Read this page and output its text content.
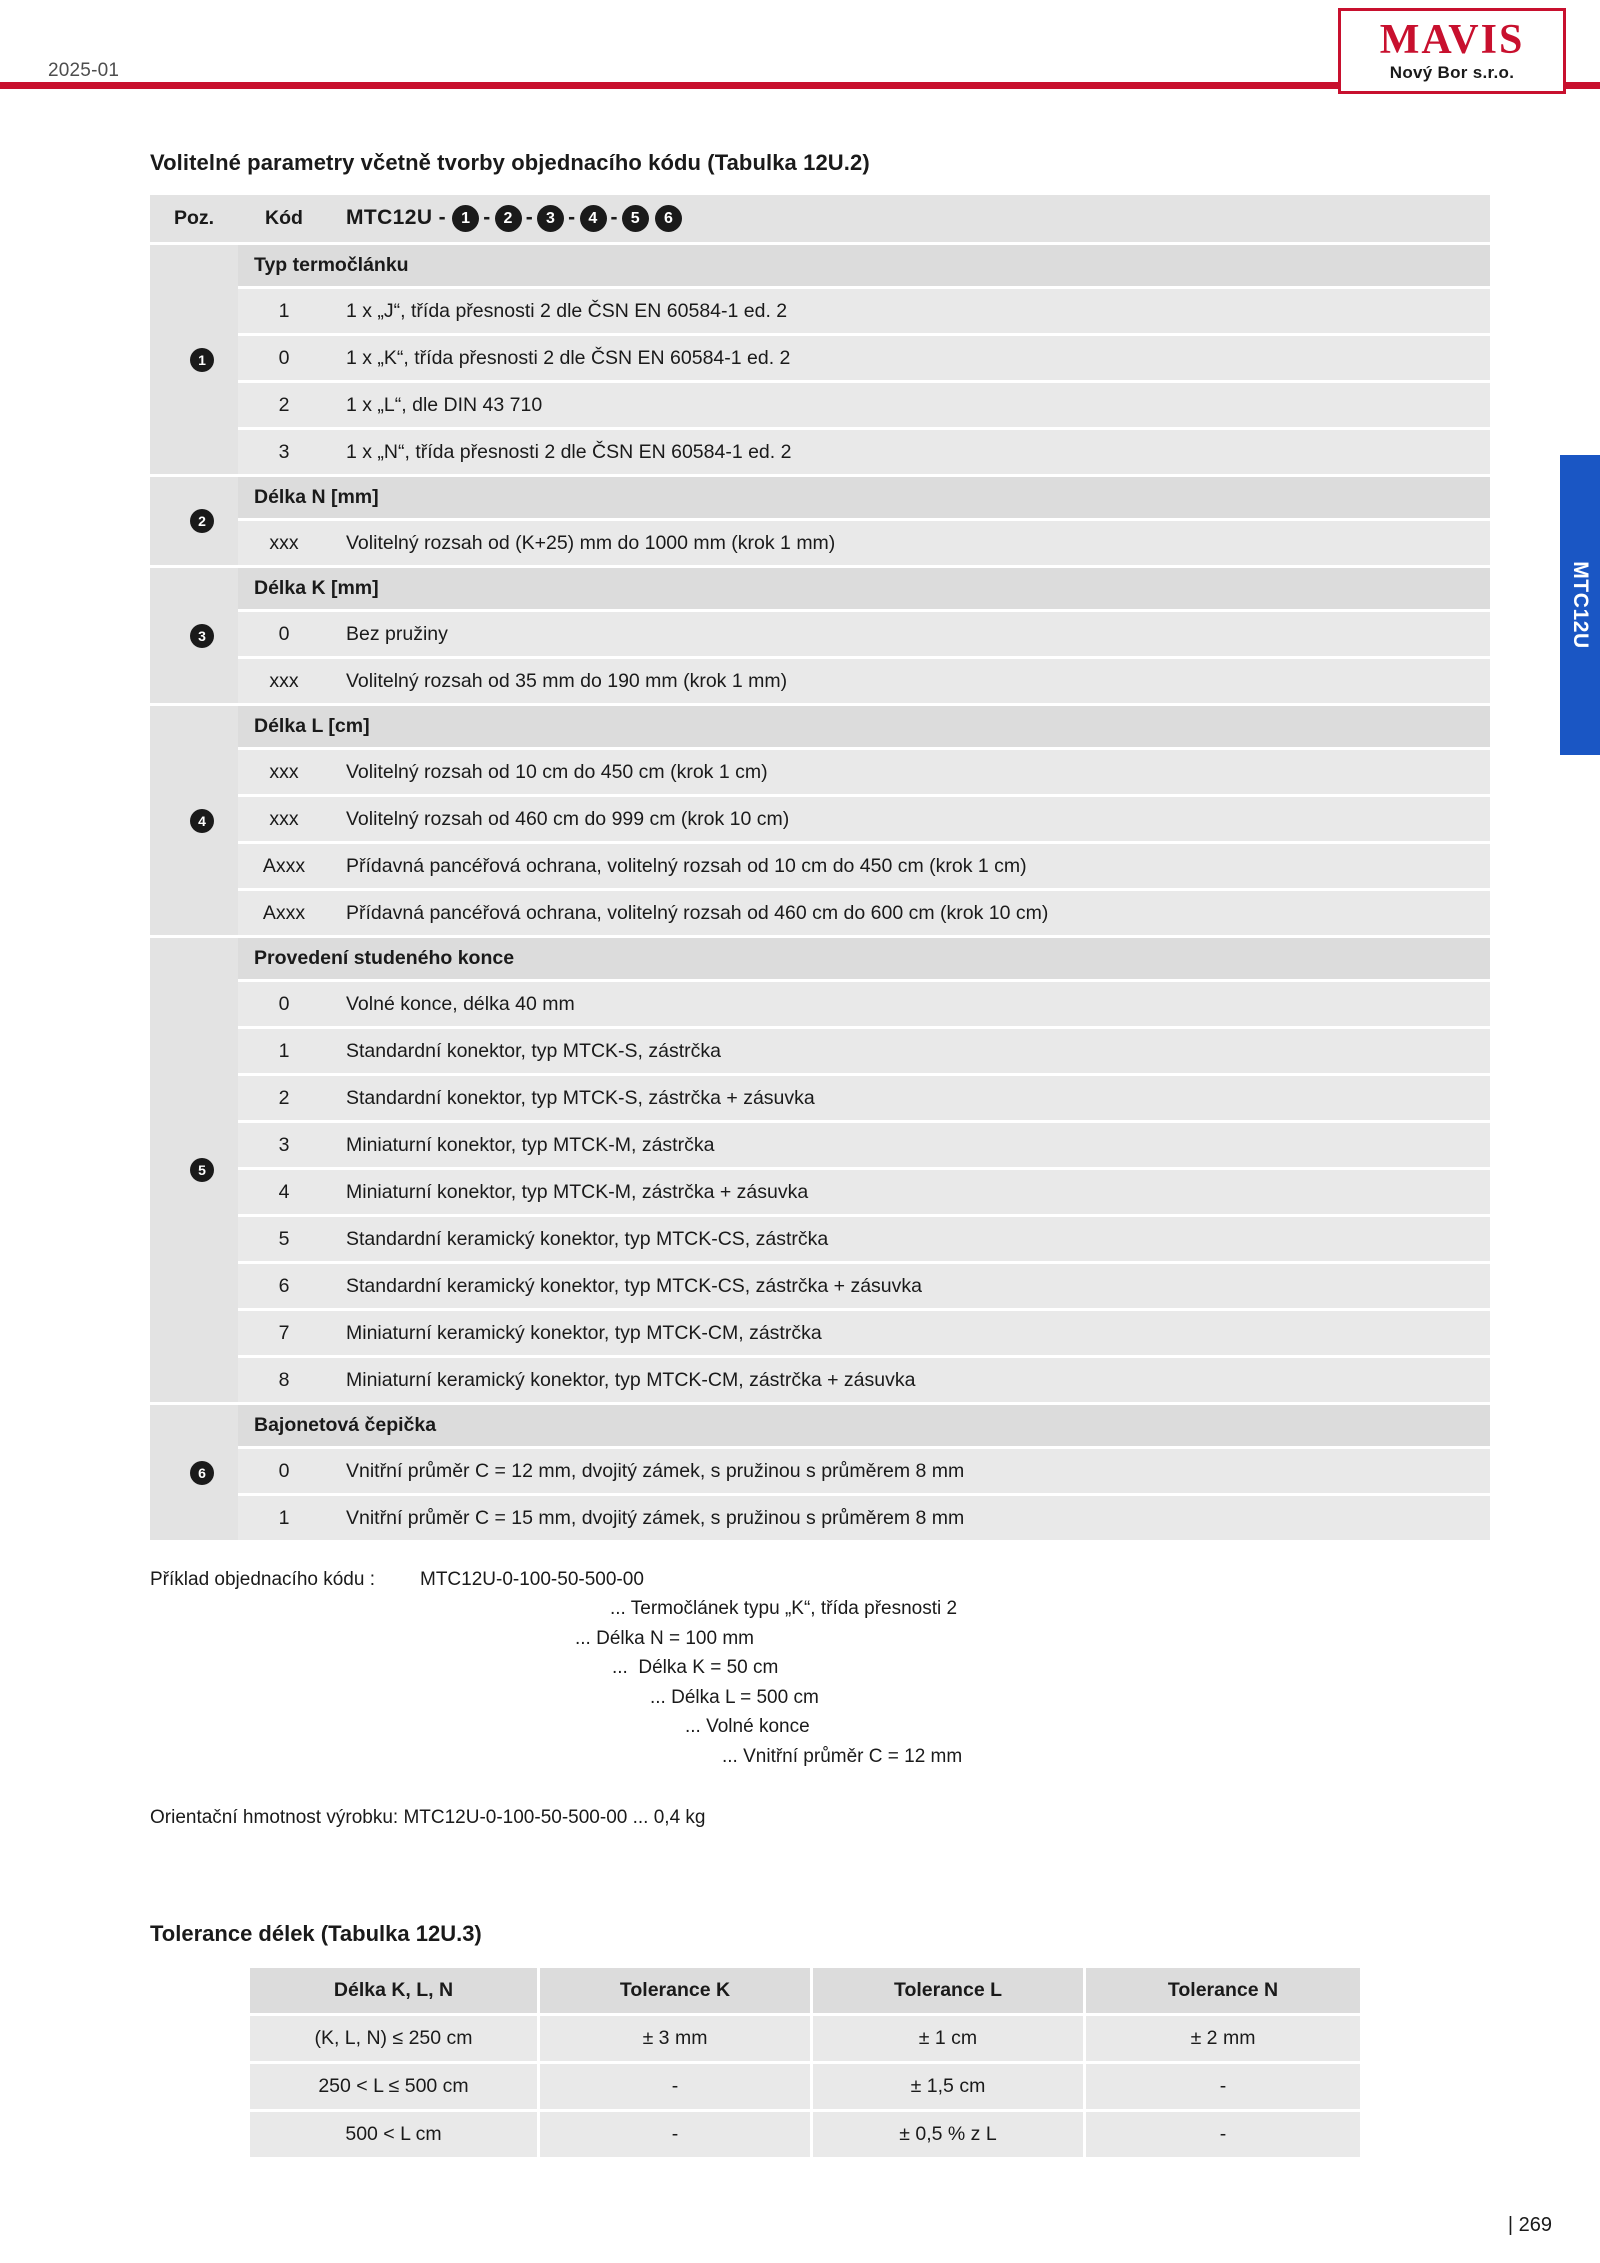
2025-01
MAVIS
Nový Bor s.r.o.
MTC12U
Volitelné parametry včetně tvorby objednacího kódu (Tabulka 12U.2)
Poz.	Kód	MTC12U - 1 - 2 - 3 - 4 - 5 6
1	Typ termočlánku	
	1	1 x „J“, třída přesnosti 2 dle ČSN EN 60584-1 ed. 2
	0	1 x „K“, třída přesnosti 2 dle ČSN EN 60584-1 ed. 2
	2	1 x „L“, dle DIN 43 710
	3	1 x „N“, třída přesnosti 2 dle ČSN EN 60584-1 ed. 2
2	Délka N [mm]	
	xxx	Volitelný rozsah od (K+25) mm do 1000 mm (krok 1 mm)
3	Délka K [mm]	
	0	Bez pružiny
	xxx	Volitelný rozsah od 35 mm do 190 mm (krok 1 mm)
4	Délka L [cm]	
	xxx	Volitelný rozsah od 10 cm do 450 cm (krok 1 cm)
	xxx	Volitelný rozsah od 460 cm do 999 cm (krok 10 cm)
	Axxx	Přídavná pancéřová ochrana, volitelný rozsah od 10 cm do 450 cm (krok 1 cm)
	Axxx	Přídavná pancéřová ochrana, volitelný rozsah od 460 cm do 600 cm (krok 10 cm)
5	Provedení studeného konce	
	0	Volné konce, délka 40 mm
	1	Standardní konektor, typ MTCK-S, zástrčka
	2	Standardní konektor, typ MTCK-S, zástrčka + zásuvka
	3	Miniaturní konektor, typ MTCK-M, zástrčka
	4	Miniaturní konektor, typ MTCK-M, zástrčka + zásuvka
	5	Standardní keramický konektor, typ MTCK-CS, zástrčka
	6	Standardní keramický konektor, typ MTCK-CS, zástrčka + zásuvka
	7	Miniaturní keramický konektor, typ MTCK-CM, zástrčka
	8	Miniaturní keramický konektor, typ MTCK-CM, zástrčka + zásuvka
6	Bajonetová čepička	
	0	Vnitřní průměr C = 12 mm, dvojitý zámek, s pružinou s průměrem 8 mm
	1	Vnitřní průměr C = 15 mm, dvojitý zámek, s pružinou s průměrem 8 mm
Příklad objednacího kódu : MTC12U-0-100-50-500-00
... Termočlánek typu „K“, třída přesnosti 2
... Délka N = 100 mm
...  Délka K = 50 cm
... Délka L = 500 cm
... Volné konce
... Vnitřní průměr C = 12 mm
Orientační hmotnost výrobku: MTC12U-0-100-50-500-00 ... 0,4 kg
Tolerance délek (Tabulka 12U.3)
Délka K, L, N	Tolerance K	Tolerance L	Tolerance N
(K, L, N) ≤ 250 cm	± 3 mm	± 1 cm	± 2 mm
250 < L ≤ 500 cm	-	± 1,5 cm	-
500 < L cm	-	± 0,5 % z L	-
| 269
